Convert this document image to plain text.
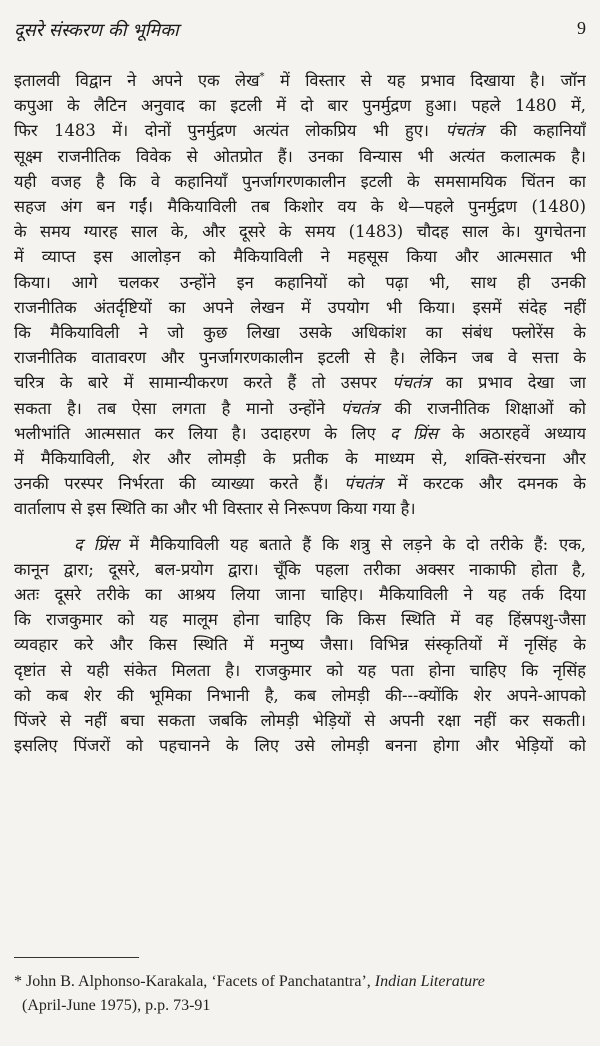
दूसरे संस्करण की भूमिका	9
इतालवी विद्वान ने अपने एक लेख* में विस्तार से यह प्रभाव दिखाया है। जॉन
कपुआ के लैटिन अनुवाद का इटली में दो बार पुनर्मुद्रण हुआ। पहले 1480 में,
फिर 1483 में। दोनों पुनर्मुद्रण अत्यंत लोकप्रिय भी हुए। पंचतंत्र की कहानियाँ
सूक्ष्म राजनीतिक विवेक से ओतप्रोत हैं। उनका विन्यास भी अत्यंत कलात्मक है।
यही वजह है कि वे कहानियाँ पुनर्जागरणकालीन इटली के समसामयिक चिंतन का
सहज अंग बन गईं। मैकियाविली तब किशोर वय के थे—पहले पुनर्मुद्रण (1480)
के समय ग्यारह साल के, और दूसरे के समय (1483) चौदह साल के। युगचेतना
में व्याप्त इस आलोड़न को मैकियाविली ने महसूस किया और आत्मसात भी
किया। आगे चलकर उन्होंने इन कहानियों को पढ़ा भी, साथ ही उनकी
राजनीतिक अंतर्दृष्टियों का अपने लेखन में उपयोग भी किया। इसमें संदेह नहीं
कि मैकियाविली ने जो कुछ लिखा उसके अधिकांश का संबंध फ्लोरेंस के
राजनीतिक वातावरण और पुनर्जागरणकालीन इटली से है। लेकिन जब वे सत्ता के
चरित्र के बारे में सामान्यीकरण करते हैं तो उसपर पंचतंत्र का प्रभाव देखा जा
सकता है। तब ऐसा लगता है मानो उन्होंने पंचतंत्र की राजनीतिक शिक्षाओं को
भलीभांति आत्मसात कर लिया है। उदाहरण के लिए द प्रिंस के अठारहवें अध्याय
में मैकियाविली, शेर और लोमड़ी के प्रतीक के माध्यम से, शक्ति-संरचना और
उनकी परस्पर निर्भरता की व्याख्या करते हैं। पंचतंत्र में करटक और दमनक के
वार्तालाप से इस स्थिति का और भी विस्तार से निरूपण किया गया है।
द प्रिंस में मैकियाविली यह बताते हैं कि शत्रु से लड़ने के दो तरीके हैं: एक,
कानून द्वारा; दूसरे, बल-प्रयोग द्वारा। चूँकि पहला तरीका अक्सर नाकाफी होता है,
अतः दूसरे तरीके का आश्रय लिया जाना चाहिए। मैकियाविली ने यह तर्क दिया
कि राजकुमार को यह मालूम होना चाहिए कि किस स्थिति में वह हिंस्रपशु-जैसा
व्यवहार करे और किस स्थिति में मनुष्य जैसा। विभिन्न संस्कृतियों में नृसिंह के
दृष्टांत से यही संकेत मिलता है। राजकुमार को यह पता होना चाहिए कि नृसिंह
को कब शेर की भूमिका निभानी है, कब लोमड़ी की---क्योंकि शेर अपने-आपको
पिंजरे से नहीं बचा सकता जबकि लोमड़ी भेड़ियों से अपनी रक्षा नहीं कर सकती।
इसलिए पिंजरों को पहचानने के लिए उसे लोमड़ी बनना होगा और भेड़ियों को
* John B. Alphonso-Karakala, ‘Facets of Panchatantra’, Indian Literature
(April-June 1975), p.p. 73-91
